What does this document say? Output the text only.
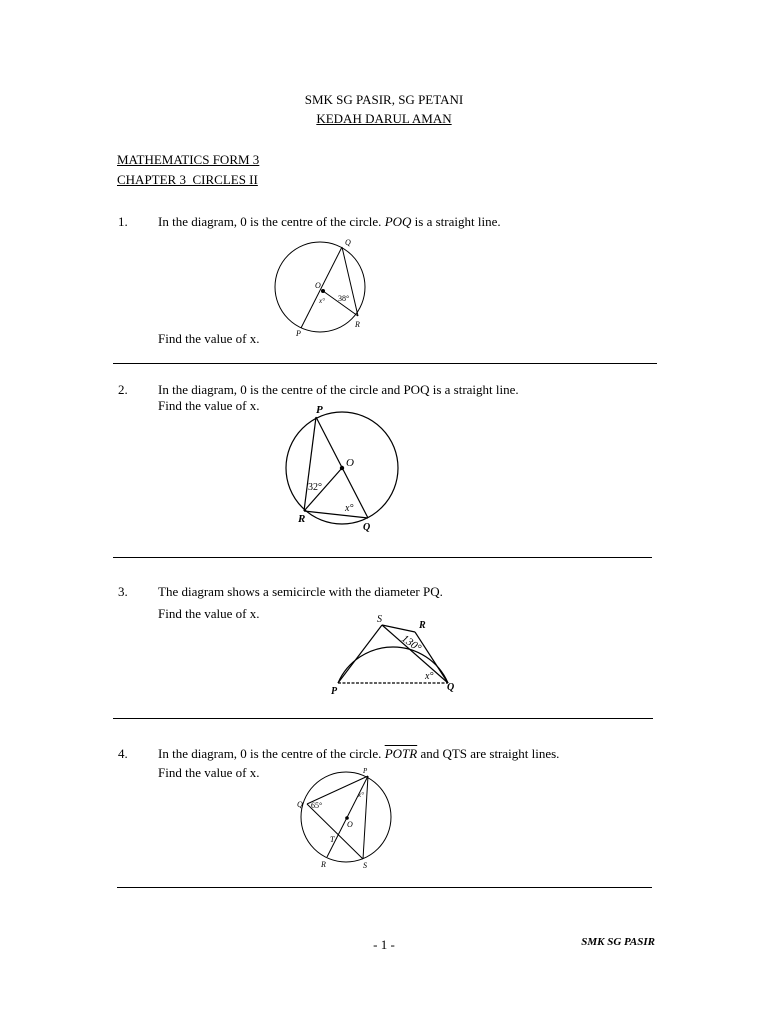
SMK SG PASIR, SG PETANI
KEDAH DARUL AMAN
MATHEMATICS FORM 3
CHAPTER 3  CIRCLES II
1. In the diagram, 0 is the centre of the circle. POQ is a straight line.
Find the value of x.
Q
O
x° 38°
P
R
2. In the diagram, 0 is the centre of the circle and POQ is a straight line.
Find the value of x.	P
O
32°
x°
R
Q
3. The diagram shows a semicircle with the diameter PQ.
Find the value of x.	S
R
130°
x°
P	Q
4. In the diagram, 0 is the centre of the circle. POTR and QTS are straight lines.
Find the value of x.	P
x°
Q 65°
O
T
R	S
- 1 -	SMK SG PASIR
